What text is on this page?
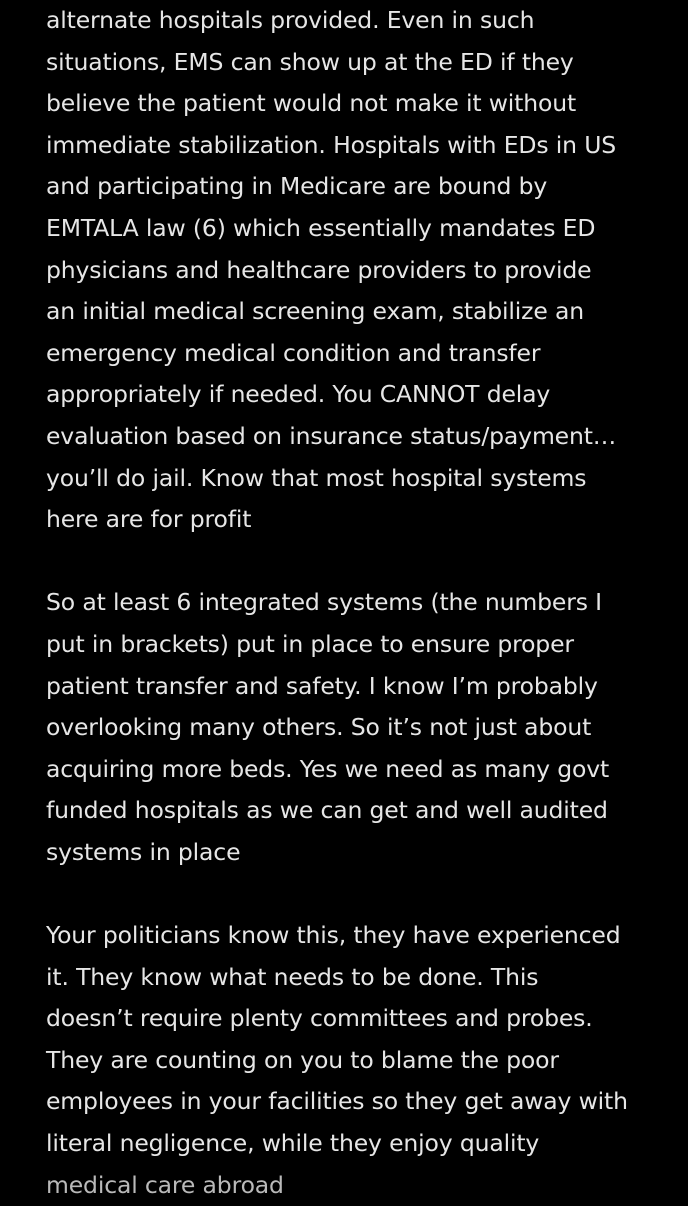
alternate hospitals provided. Even in such
situations, EMS can show up at the ED if they
believe the patient would not make it without
immediate stabilization. Hospitals with EDs in US
and participating in Medicare are bound by
EMTALA law (6) which essentially mandates ED
physicians and healthcare providers to provide
an initial medical screening exam, stabilize an
emergency medical condition and transfer
appropriately if needed. You CANNOT delay
evaluation based on insurance status/payment…
you’ll do jail. Know that most hospital systems
here are for profit
So at least 6 integrated systems (the numbers I
put in brackets) put in place to ensure proper
patient transfer and safety. I know I’m probably
overlooking many others. So it’s not just about
acquiring more beds. Yes we need as many govt
funded hospitals as we can get and well audited
systems in place
Your politicians know this, they have experienced
it. They know what needs to be done. This
doesn’t require plenty committees and probes.
They are counting on you to blame the poor
employees in your facilities so they get away with
literal negligence, while they enjoy quality
medical care abroad
